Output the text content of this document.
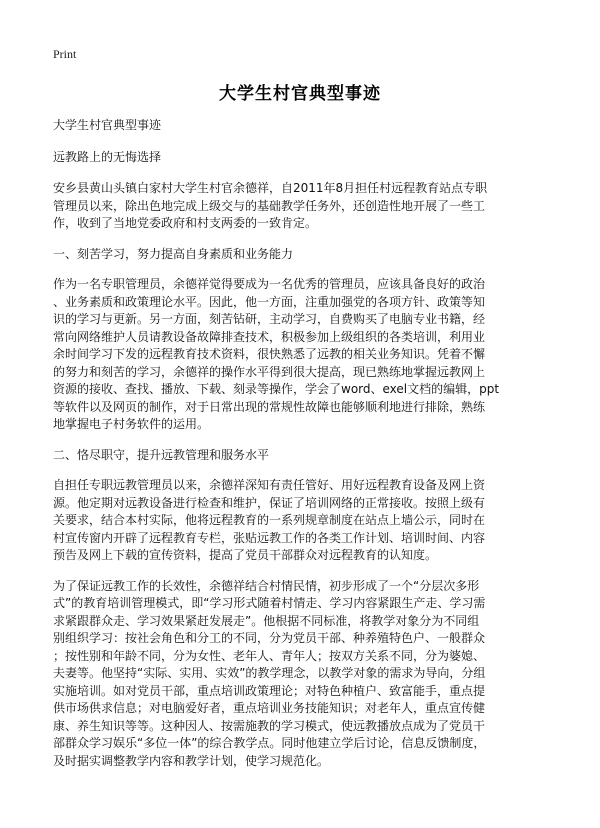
Print
大学生村官典型事迹
大学生村官典型事迹
远教路上的无悔选择
安乡县黄山头镇白家村大学生村官余德祥，自2011年8月担任村远程教育站点专职
管理员以来，除出色地完成上级交与的基础教学任务外，还创造性地开展了一些工
作，收到了当地党委政府和村支两委的一致肯定。
一、刻苦学习，努力提高自身素质和业务能力
作为一名专职管理员，余德祥觉得要成为一名优秀的管理员，应该具备良好的政治
、业务素质和政策理论水平。因此，他一方面，注重加强党的各项方针、政策等知
识的学习与更新。另一方面，刻苦钻研，主动学习，自费购买了电脑专业书籍，经
常向网络维护人员请教设备故障排查技术，积极参加上级组织的各类培训，利用业
余时间学习下发的远程教育技术资料，很快熟悉了远教的相关业务知识。凭着不懈
的努力和刻苦的学习，余德祥的操作水平得到很大提高，现已熟练地掌握远教网上
资源的接收、查找、播放、下载、刻录等操作，学会了word、exel文档的编辑，ppt
等软件以及网页的制作，对于日常出现的常规性故障也能够顺利地进行排除，熟练
地掌握电子村务软件的运用。
二、恪尽职守，提升远教管理和服务水平
自担任专职远教管理员以来，余德祥深知有责任管好、用好远程教育设备及网上资
源。他定期对远教设备进行检查和维护，保证了培训网络的正常接收。按照上级有
关要求，结合本村实际，他将远程教育的一系列规章制度在站点上墙公示，同时在
村宣传窗内开辟了远程教育专栏，张贴远教工作的各类工作计划、培训时间、内容
预告及网上下载的宣传资料，提高了党员干部群众对远程教育的认知度。
为了保证远教工作的长效性，余德祥结合村情民情，初步形成了一个“分层次多形
式”的教育培训管理模式，即“学习形式随着村情走、学习内容紧跟生产走、学习需
求紧跟群众走、学习效果紧赶发展走”。他根据不同标准，将教学对象分为不同组
别组织学习：按社会角色和分工的不同，分为党员干部、种养殖特色户、一般群众
；按性别和年龄不同，分为女性、老年人、青年人；按双方关系不同，分为婆媳、
夫妻等。他坚持“实际、实用、实效”的教学理念，以教学对象的需求为导向，分组
实施培训。如对党员干部，重点培训政策理论；对特色种植户、致富能手，重点提
供市场供求信息；对电脑爱好者，重点培训业务技能知识；对老年人，重点宣传健
康、养生知识等等。这种因人、按需施教的学习模式，使远教播放点成为了党员干
部群众学习娱乐“多位一体”的综合教学点。同时他建立学后讨论，信息反馈制度，
及时据实调整教学内容和教学计划，使学习规范化。
